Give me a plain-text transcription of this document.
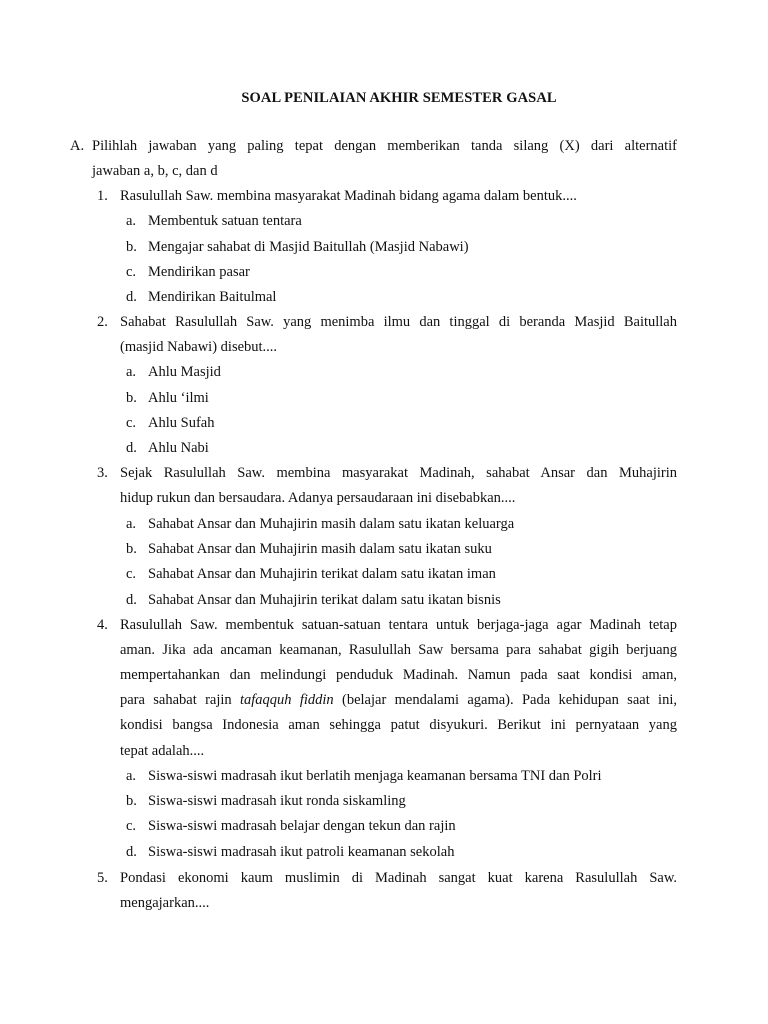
SOAL PENILAIAN AKHIR SEMESTER GASAL
A. Pilihlah jawaban yang paling tepat dengan memberikan tanda silang (X) dari alternatif
jawaban a, b, c, dan d
1. Rasulullah Saw. membina masyarakat Madinah bidang agama dalam bentuk....
a. Membentuk satuan tentara
b. Mengajar sahabat di Masjid Baitullah (Masjid Nabawi)
c. Mendirikan pasar
d. Mendirikan Baitulmal
2. Sahabat Rasulullah Saw. yang menimba ilmu dan tinggal di beranda Masjid Baitullah
(masjid Nabawi) disebut....
a. Ahlu Masjid
b. Ahlu ‘ilmi
c. Ahlu Sufah
d. Ahlu Nabi
3. Sejak Rasulullah Saw. membina masyarakat Madinah, sahabat Ansar dan Muhajirin
hidup rukun dan bersaudara. Adanya persaudaraan ini disebabkan....
a. Sahabat Ansar dan Muhajirin masih dalam satu ikatan keluarga
b. Sahabat Ansar dan Muhajirin masih dalam satu ikatan suku
c. Sahabat Ansar dan Muhajirin terikat dalam satu ikatan iman
d. Sahabat Ansar dan Muhajirin terikat dalam satu ikatan bisnis
4. Rasulullah Saw. membentuk satuan-satuan tentara untuk berjaga-jaga agar Madinah tetap
aman. Jika ada ancaman keamanan, Rasulullah Saw bersama para sahabat gigih berjuang
mempertahankan dan melindungi penduduk Madinah. Namun pada saat kondisi aman,
para sahabat rajin tafaqquh fiddin (belajar mendalami agama). Pada kehidupan saat ini,
kondisi bangsa Indonesia aman sehingga patut disyukuri. Berikut ini pernyataan yang
tepat adalah....
a. Siswa-siswi madrasah ikut berlatih menjaga keamanan bersama TNI dan Polri
b. Siswa-siswi madrasah ikut ronda siskamling
c. Siswa-siswi madrasah belajar dengan tekun dan rajin
d. Siswa-siswi madrasah ikut patroli keamanan sekolah
5. Pondasi ekonomi kaum muslimin di Madinah sangat kuat karena Rasulullah Saw.
mengajarkan....
